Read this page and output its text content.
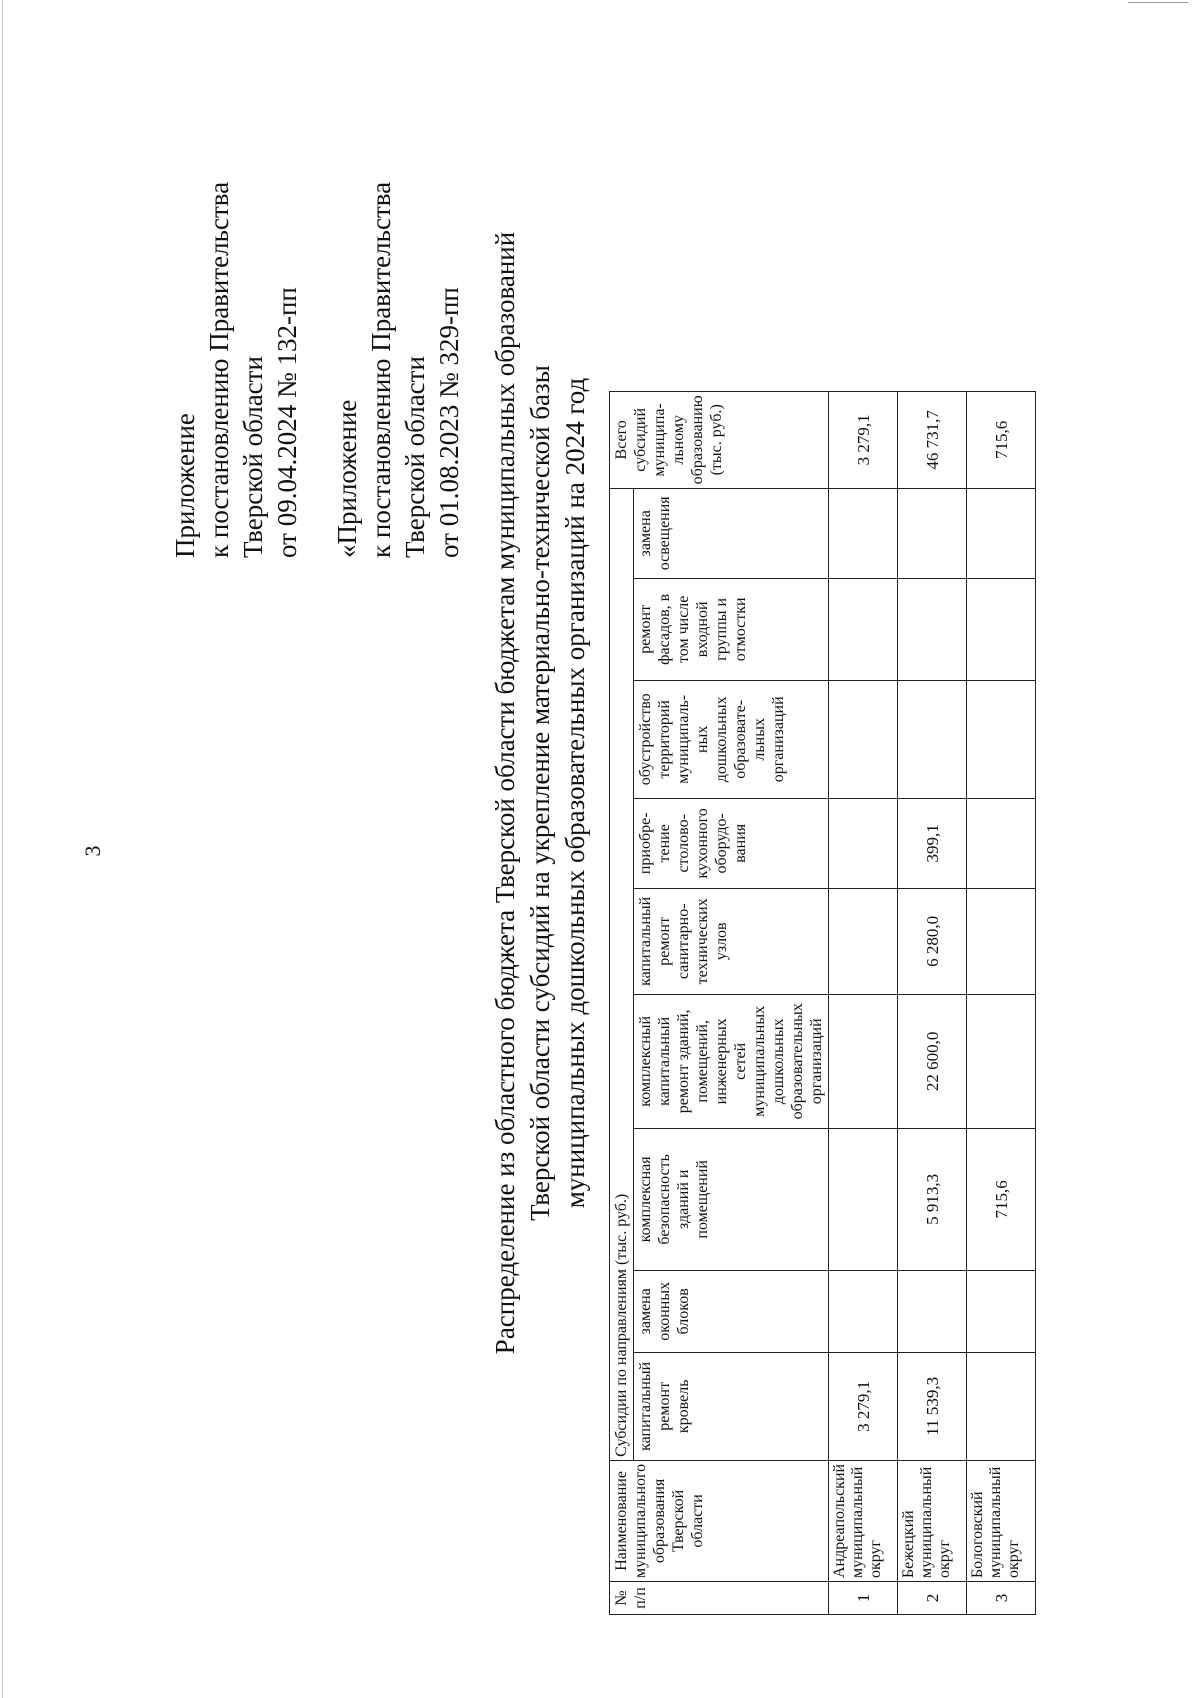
3
Приложение к постановлению Правительства Тверской области от 09.04.2024 № 132-пп «Приложение к постановлению Правительства Тверской области от 01.08.2023 № 329-пп Распределение из областного бюджета Тверской области бюджетам муниципальных образований Тверской области субсидий на укрепление материально-технической базы муниципальных дошкольных образовательных организаций на 2024 год
№ п/п	Наименование муниципального образования Тверской области	Субсидии по направлениям (тыс. руб.)									Всего субсидий муниципа-льному образованию (тыс. руб.)
		капитальный ремонт кровель	замена оконных блоков	комплексная безопасность зданий и помещений	комплексный капитальный ремонт зданий, помещений, инженерных сетей муниципальных дошкольных образовательных организаций	капитальный ремонт санитарно-технических узлов	приобре-тение столово-кухонного оборудо-вания	обустройство территорий муниципаль-ных дошкольных образовате-льных организаций	ремонт фасадов, в том числе входной группы и отмостки	замена освещения	
1	Андреапольский муниципальный округ	3 279,1									3 279,1
2	Бежецкий муниципальный округ	11 539,3		5 913,3	22 600,0	6 280,0	399,1				46 731,7
3	Бологовский муниципальный округ			715,6							715,6
